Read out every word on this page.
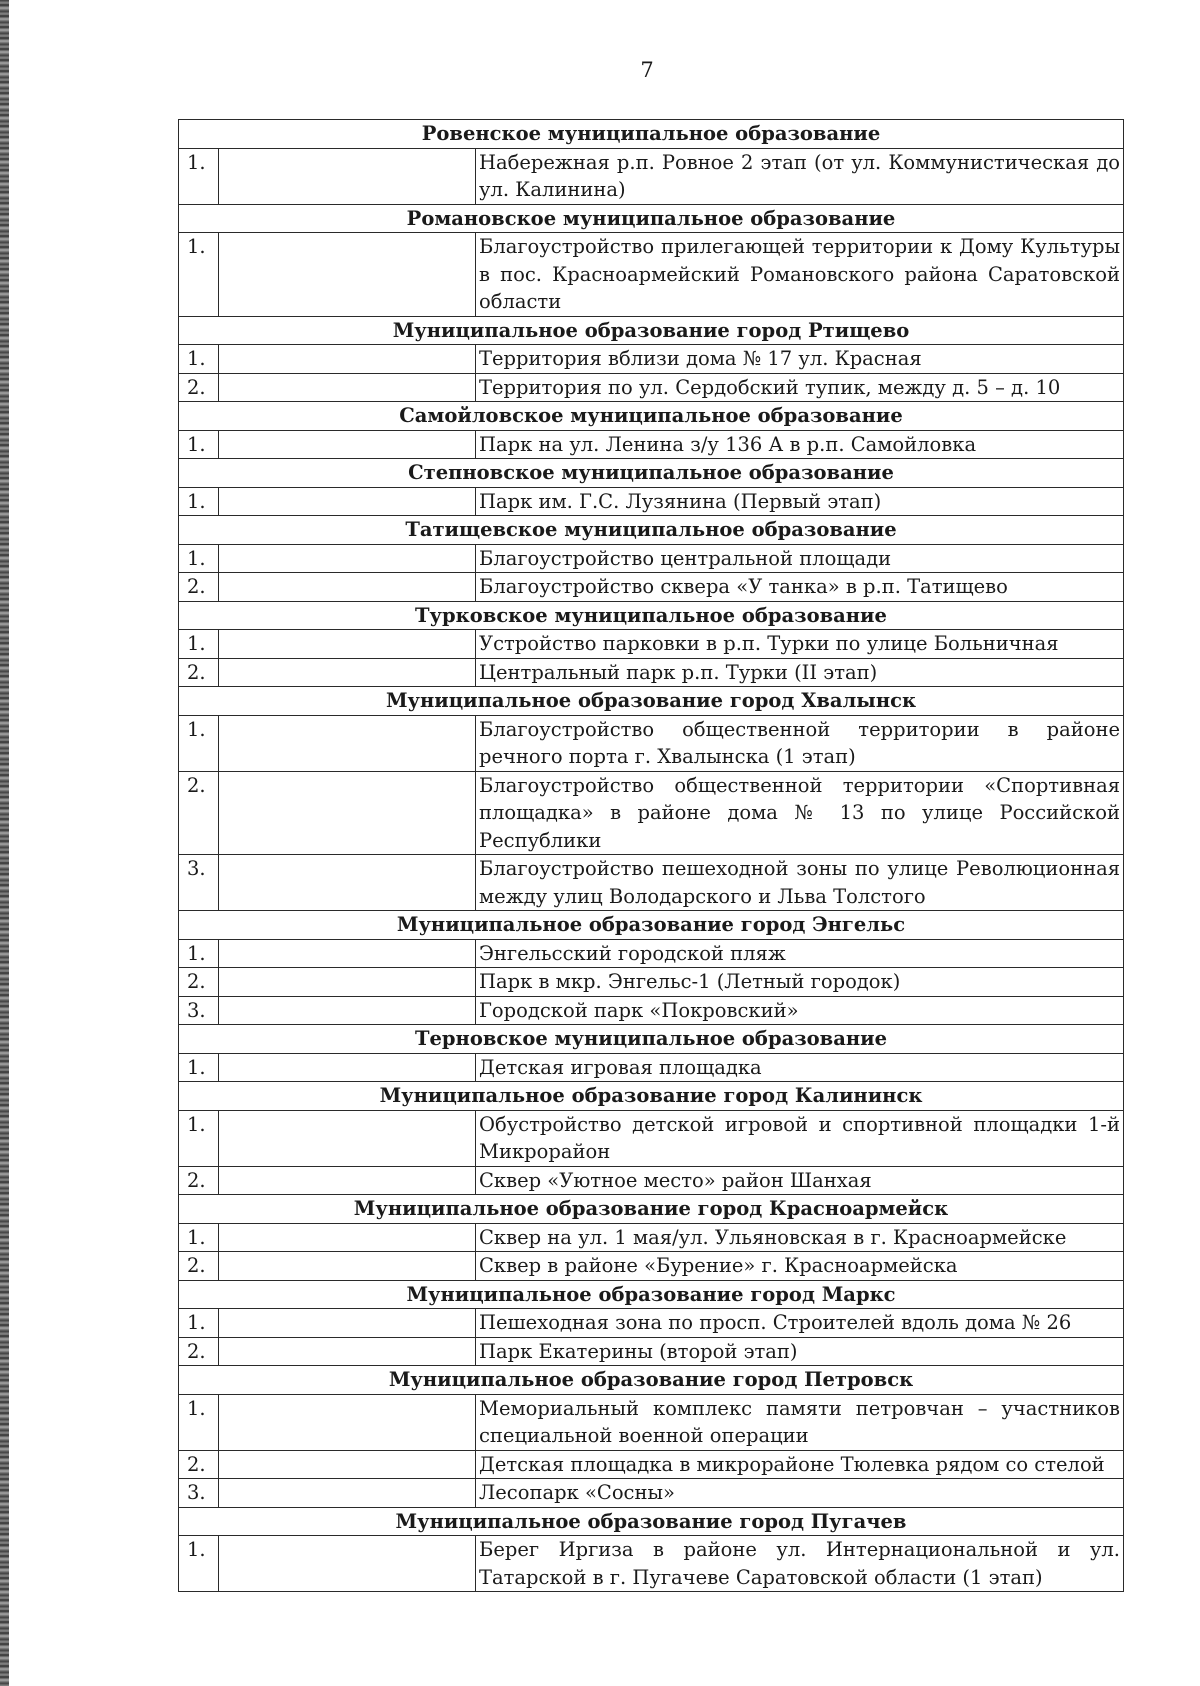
7
Ровенское муниципальное образование		
1.		Набережная р.п. Ровное 2 этап (от ул. Коммунистическая до ул. Калинина)
Романовское муниципальное образование		
1.		Благоустройство прилегающей территории к Дому Культуры в пос. Красноармейский Романовского района Саратовской области
Муниципальное образование город Ртищево		
1.		Территория вблизи дома № 17 ул. Красная
2.		Территория по ул. Сердобский тупик, между д. 5 – д. 10
Самойловское муниципальное образование		
1.		Парк на ул. Ленина з/у 136 А в р.п. Самойловка
Степновское муниципальное образование		
1.		Парк им. Г.С. Лузянина (Первый этап)
Татищевское муниципальное образование		
1.		Благоустройство центральной площади
2.		Благоустройство сквера «У танка» в р.п. Татищево
Турковское муниципальное образование		
1.		Устройство парковки в р.п. Турки по улице Больничная
2.		Центральный парк р.п. Турки (II этап)
Муниципальное образование город Хвалынск		
1.		Благоустройство общественной территории в районе речного порта г. Хвалынска (1 этап)
2.		Благоустройство общественной территории «Спортивная площадка» в районе дома № 13 по улице Российской Республики
3.		Благоустройство пешеходной зоны по улице Революционная между улиц Володарского и Льва Толстого
Муниципальное образование город Энгельс		
1.		Энгельсский городской пляж
2.		Парк в мкр. Энгельс-1 (Летный городок)
3.		Городской парк «Покровский»
Терновское муниципальное образование		
1.		Детская игровая площадка
Муниципальное образование город Калининск		
1.		Обустройство детской игровой и спортивной площадки 1-й Микрорайон
2.		Сквер «Уютное место» район Шанхая
Муниципальное образование город Красноармейск		
1.		Сквер на ул. 1 мая/ул. Ульяновская в г. Красноармейске
2.		Сквер в районе «Бурение» г. Красноармейска
Муниципальное образование город Маркс		
1.		Пешеходная зона по просп. Строителей вдоль дома № 26
2.		Парк Екатерины (второй этап)
Муниципальное образование город Петровск		
1.		Мемориальный комплекс памяти петровчан – участников специальной военной операции
2.		Детская площадка в микрорайоне Тюлевка рядом со стелой
3.		Лесопарк «Сосны»
Муниципальное образование город Пугачев		
1.		Берег Иргиза в районе ул. Интернациональной и ул. Татарской в г. Пугачеве Саратовской области (1 этап)
